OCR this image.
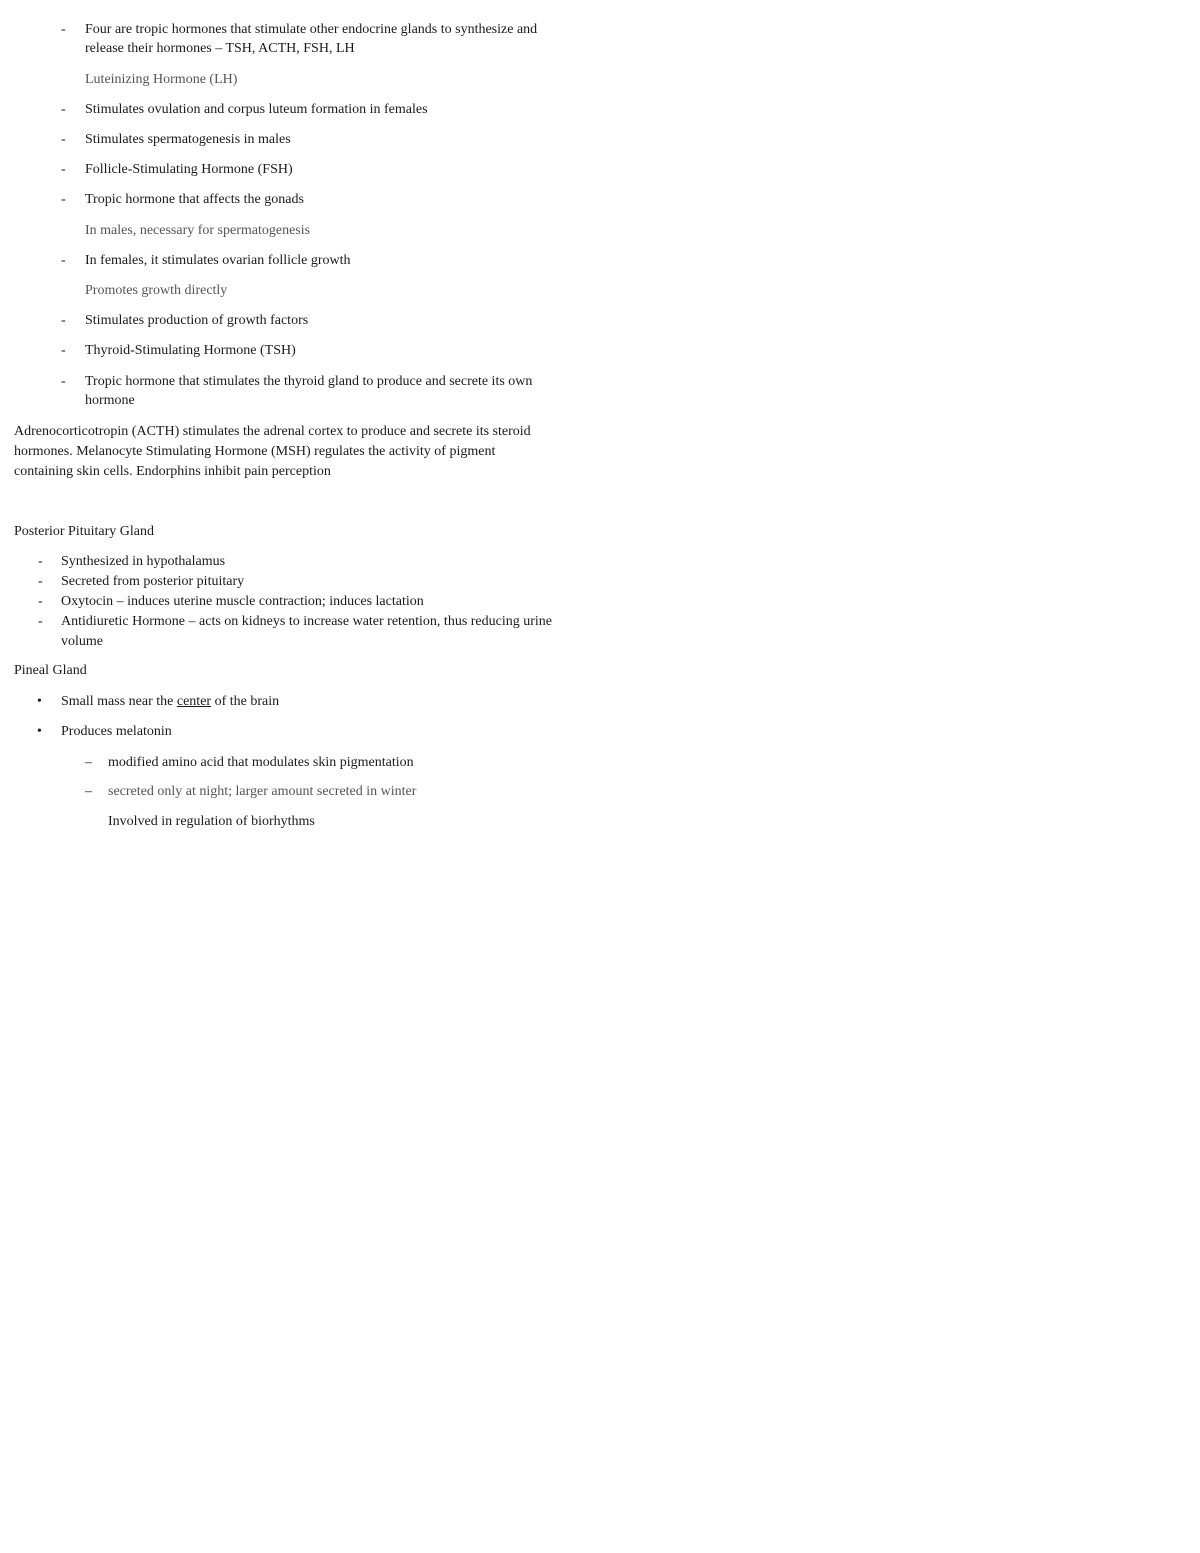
- Four are tropic hormones that stimulate other endocrine glands to synthesize and
release their hormones – TSH, ACTH, FSH, LH
Luteinizing Hormone (LH)
- Stimulates ovulation and corpus luteum formation in females
- Stimulates spermatogenesis in males
- Follicle-Stimulating Hormone (FSH)
- Tropic hormone that affects the gonads
In males, necessary for spermatogenesis
- In females, it stimulates ovarian follicle growth
Promotes growth directly
- Stimulates production of growth factors
- Thyroid-Stimulating Hormone (TSH)
- Tropic hormone that stimulates the thyroid gland to produce and secrete its own
hormone
Adrenocorticotropin (ACTH) stimulates the adrenal cortex to produce and secrete its steroid
hormones. Melanocyte Stimulating Hormone (MSH) regulates the activity of pigment
containing skin cells. Endorphins inhibit pain perception
Posterior Pituitary Gland
- Synthesized in hypothalamus
- Secreted from posterior pituitary
- Oxytocin – induces uterine muscle contraction; induces lactation
- Antidiuretic Hormone – acts on kidneys to increase water retention, thus reducing urine
volume
Pineal Gland
• Small mass near the center of the brain
• Produces melatonin
– modified amino acid that modulates skin pigmentation
– secreted only at night; larger amount secreted in winter
Involved in regulation of biorhythms
